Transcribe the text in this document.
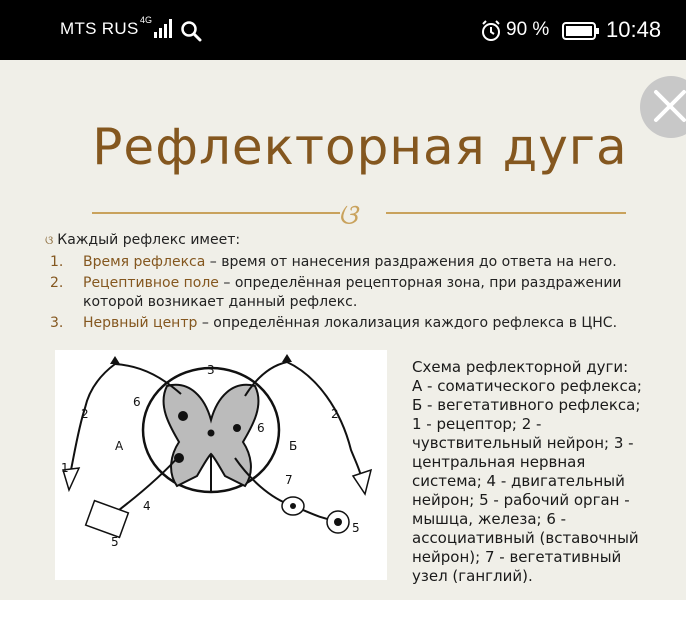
MTS RUS 4G	90 %	10:48
Рефлекторная дуга
ଓ
ଓ Каждый рефлекс имеет:
1. Время рефлекса – время от нанесения раздражения до ответа на него.
2. Рецептивное поле – определённая рецепторная зона, при раздражении которой возникает данный рефлекс.
3. Нервный центр – определённая локализация каждого рефлекса в ЦНС.
3
2	2
6
6
А	Б
1
4
5
7
5
Схема рефлекторной дуги:
А - соматического рефлекса;
Б - вегетативного рефлекса;
1 - рецептор; 2 -
чувствительный нейрон; 3 -
центральная нервная
система; 4 - двигательный
нейрон; 5 - рабочий орган -
мышца, железа; 6 -
ассоциативный (вставочный
нейрон); 7 - вегетативный
узел (ганглий).
